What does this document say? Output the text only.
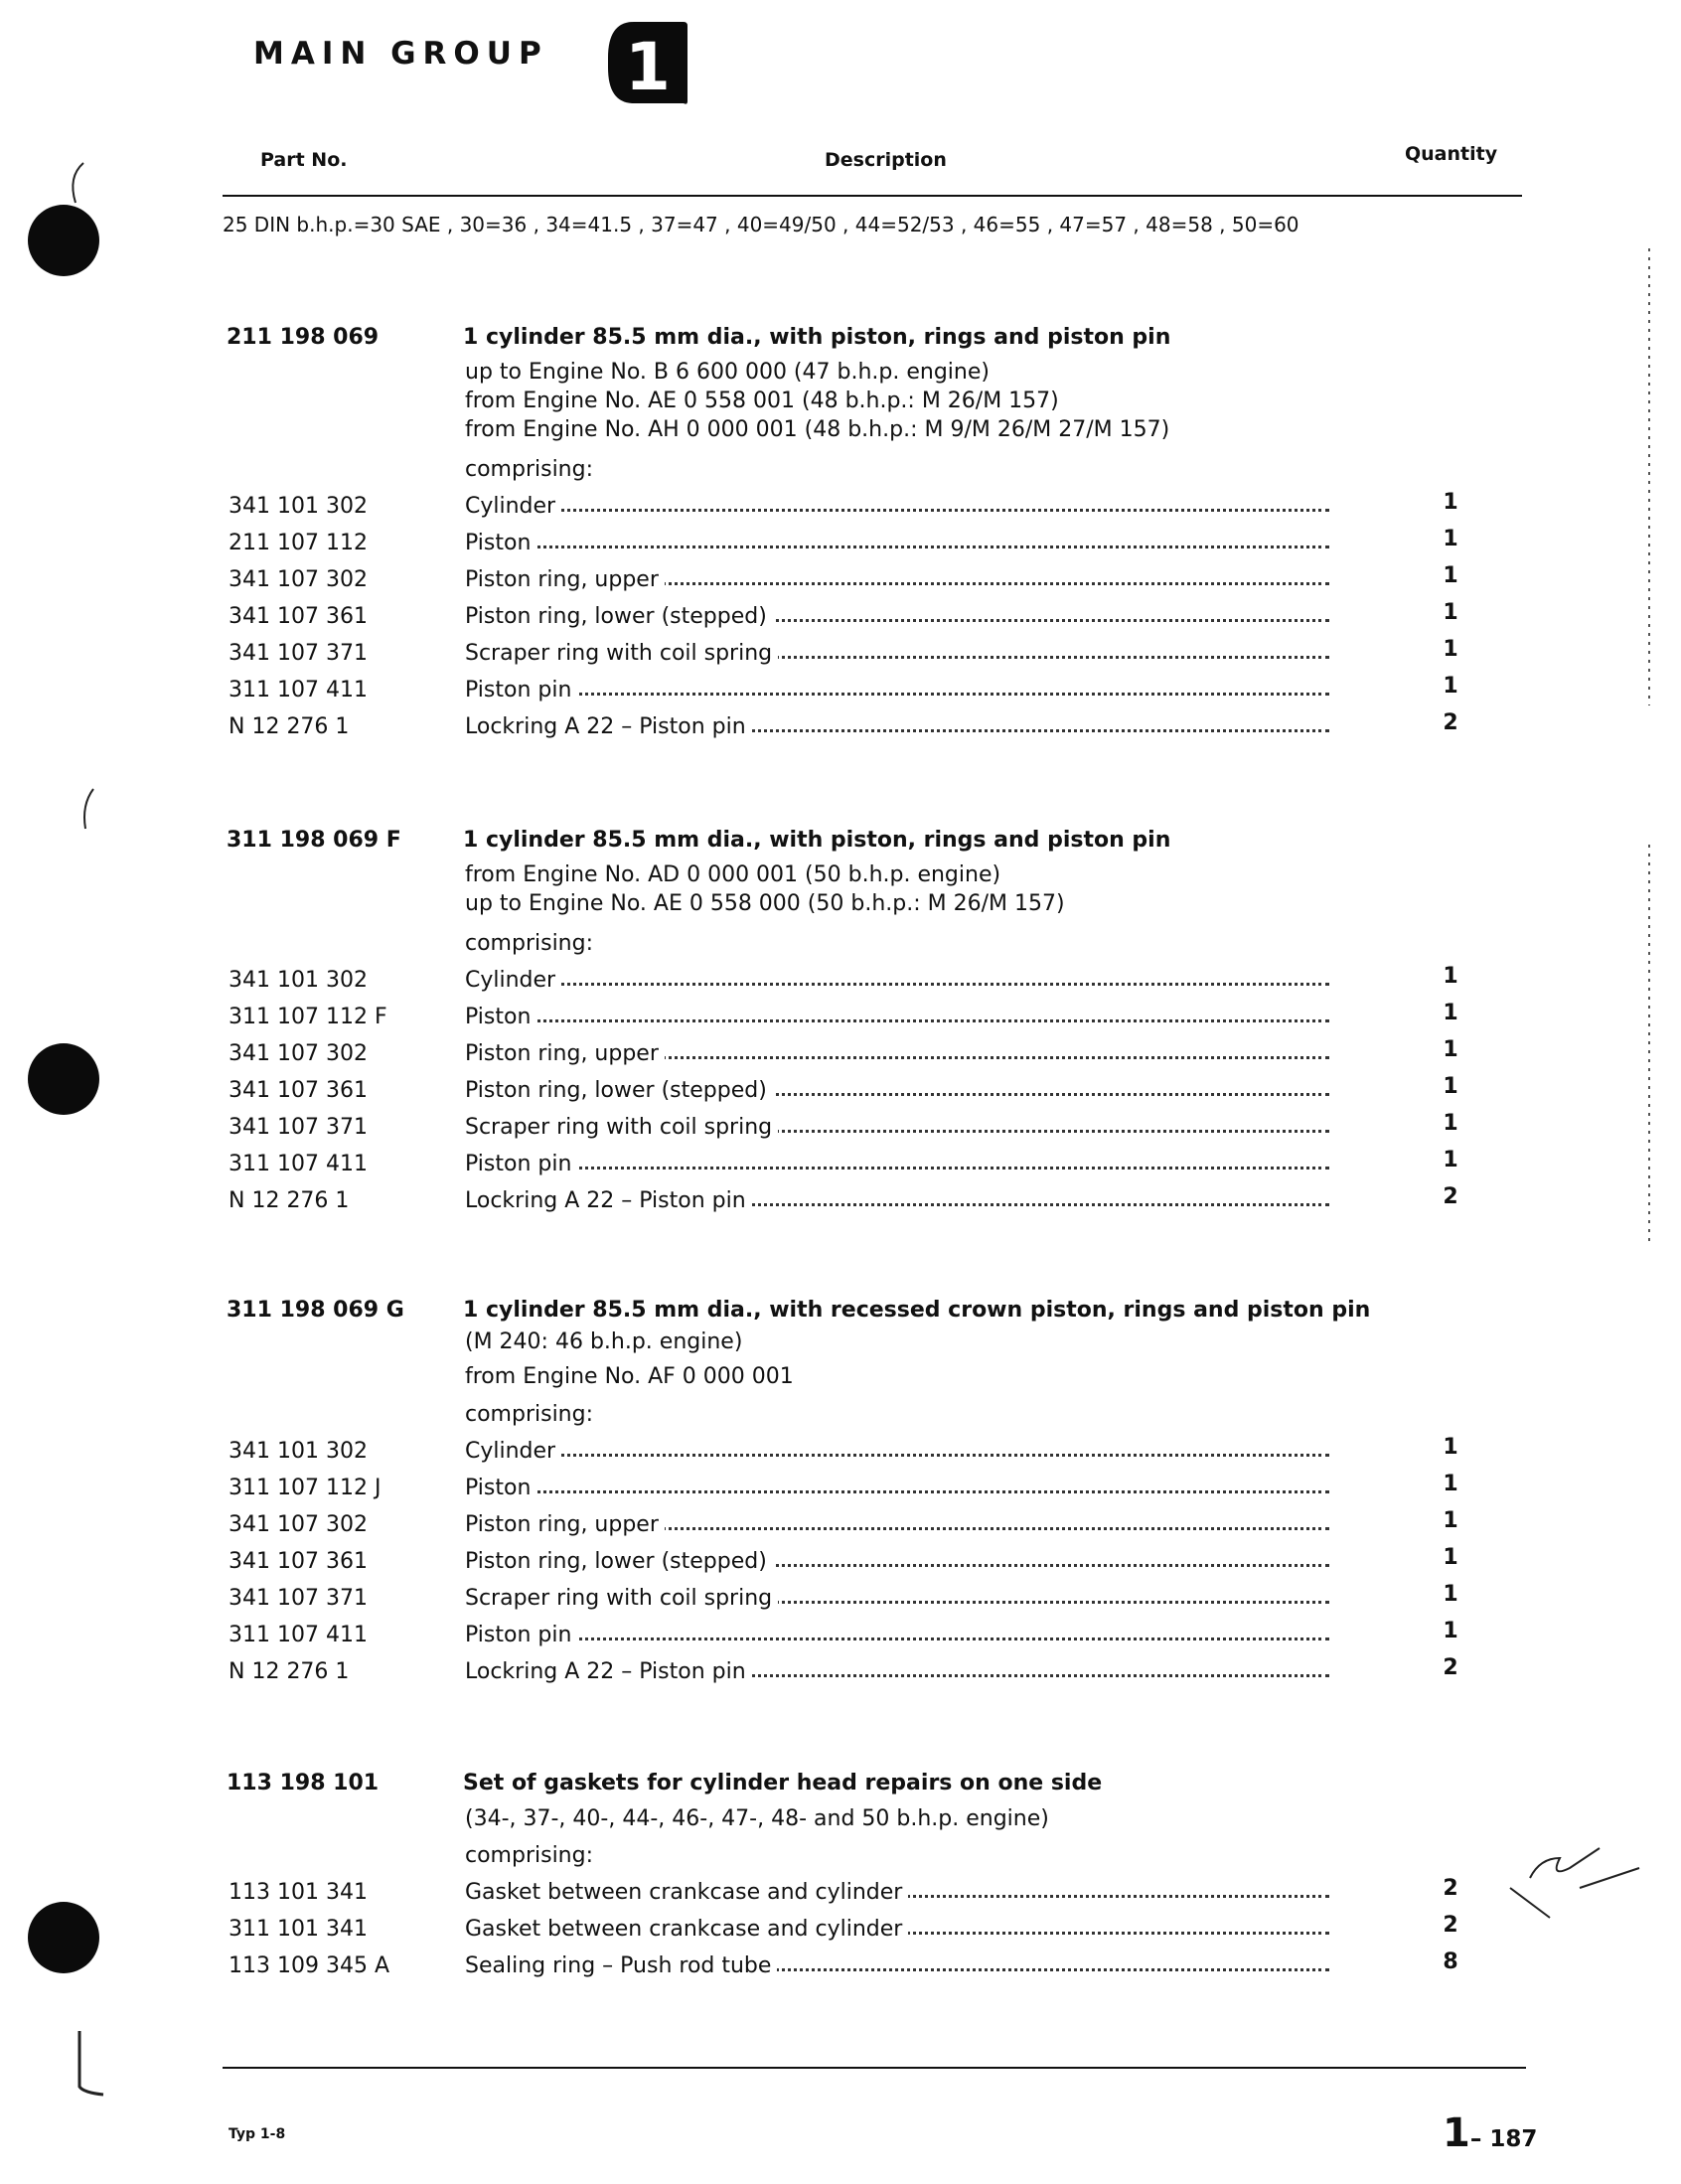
MAIN GROUP 1
Part No.	Description	Quantity
25 DIN b.h.p.=30 SAE , 30=36 , 34=41.5 , 37=47 , 40=49/50 , 44=52/53 , 46=55 , 47=57 , 48=58 , 50=60
211 198 069	1 cylinder 85.5 mm dia., with piston, rings and piston pin
up to Engine No. B 6 600 000 (47 b.h.p. engine)
from Engine No. AE 0 558 001 (48 b.h.p.: M 26/M 157)
from Engine No. AH 0 000 001 (48 b.h.p.: M 9/M 26/M 27/M 157)
comprising:
341 101 302	Cylinder	1
211 107 112	Piston	1
341 107 302	Piston ring, upper	1
341 107 361	Piston ring, lower (stepped)	1
341 107 371	Scraper ring with coil spring	1
311 107 411	Piston pin	1
N 12 276 1	Lockring A 22 – Piston pin	2
311 198 069 F	1 cylinder 85.5 mm dia., with piston, rings and piston pin
from Engine No. AD 0 000 001 (50 b.h.p. engine)
up to Engine No. AE 0 558 000 (50 b.h.p.: M 26/M 157)
comprising:
341 101 302	Cylinder	1
311 107 112 F	Piston	1
341 107 302	Piston ring, upper	1
341 107 361	Piston ring, lower (stepped)	1
341 107 371	Scraper ring with coil spring	1
311 107 411	Piston pin	1
N 12 276 1	Lockring A 22 – Piston pin	2
311 198 069 G	1 cylinder 85.5 mm dia., with recessed crown piston, rings and piston pin
(M 240: 46 b.h.p. engine)
from Engine No. AF 0 000 001
comprising:
341 101 302	Cylinder	1
311 107 112 J	Piston	1
341 107 302	Piston ring, upper	1
341 107 361	Piston ring, lower (stepped)	1
341 107 371	Scraper ring with coil spring	1
311 107 411	Piston pin	1
N 12 276 1	Lockring A 22 – Piston pin	2
113 198 101	Set of gaskets for cylinder head repairs on one side
(34-, 37-, 40-, 44-, 46-, 47-, 48- and 50 b.h.p. engine)
comprising:
113 101 341	Gasket between crankcase and cylinder	2
311 101 341	Gasket between crankcase and cylinder	2
113 109 345 A	Sealing ring – Push rod tube	8
Typ 1-8	1– 187
